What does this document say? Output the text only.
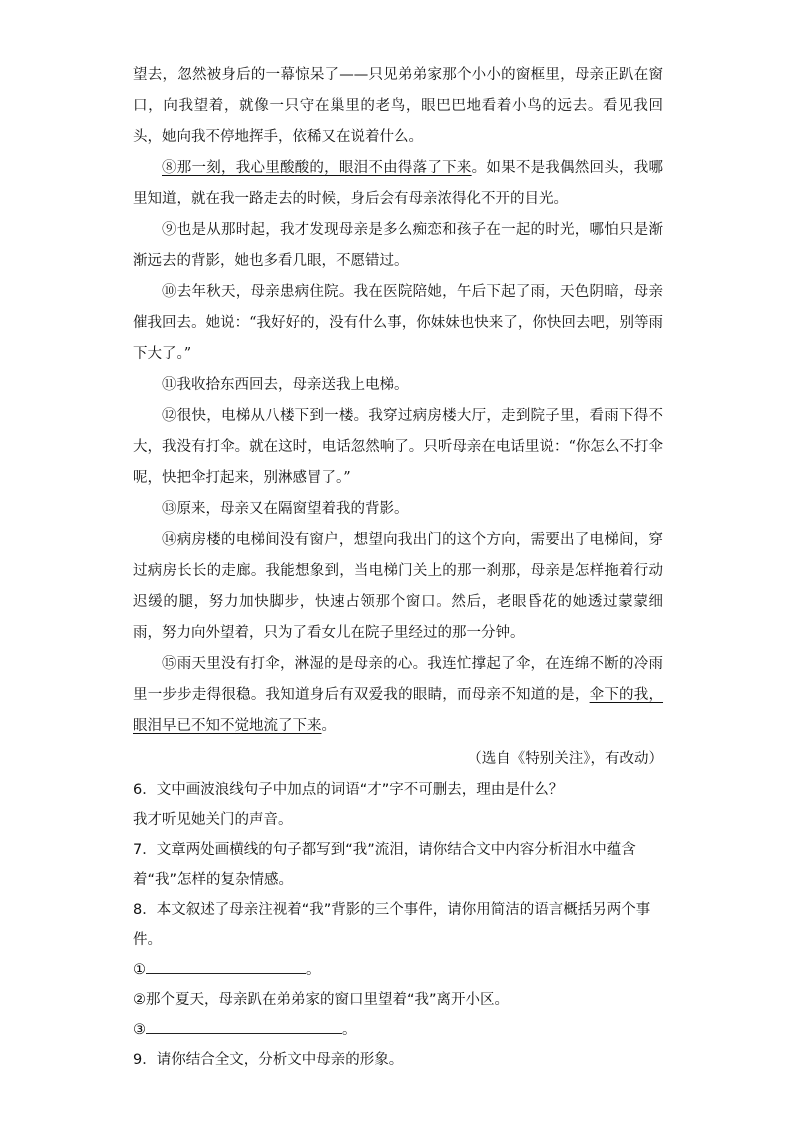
望去，忽然被身后的一幕惊呆了——只见弟弟家那个小小的窗框里，母亲正趴在窗口，向我望着，就像一只守在巢里的老鸟，眼巴巴地看着小鸟的远去。看见我回头，她向我不停地挥手，依稀又在说着什么。

⑧那一刻，我心里酸酸的，眼泪不由得落了下来。如果不是我偶然回头，我哪里知道，就在我一路走去的时候，身后会有母亲浓得化不开的目光。

⑨也是从那时起，我才发现母亲是多么痴恋和孩子在一起的时光，哪怕只是渐渐远去的背影，她也多看几眼，不愿错过。

⑩去年秋天，母亲患病住院。我在医院陪她，午后下起了雨，天色阴暗，母亲催我回去。她说：“我好好的，没有什么事，你妹妹也快来了，你快回去吧，别等雨下大了。”

⑪我收拾东西回去，母亲送我上电梯。

⑫很快，电梯从八楼下到一楼。我穿过病房楼大厅，走到院子里，看雨下得不大，我没有打伞。就在这时，电话忽然响了。只听母亲在电话里说：“你怎么不打伞呢，快把伞打起来，别淋感冒了。”

⑬原来，母亲又在隔窗望着我的背影。

⑭病房楼的电梯间没有窗户，想望向我出门的这个方向，需要出了电梯间，穿过病房长长的走廊。我能想象到，当电梯门关上的那一刹那，母亲是怎样拖着行动迟缓的腿，努力加快脚步，快速占领那个窗口。然后，老眼昏花的她透过蒙蒙细雨，努力向外望着，只为了看女儿在院子里经过的那一分钟。

⑮雨天里没有打伞，淋湿的是母亲的心。我连忙撑起了伞，在连绵不断的冷雨里一步步走得很稳。我知道身后有双爱我的眼睛，而母亲不知道的是，伞下的我，眼泪早已不知不觉地流了下来。

（选自《特别关注》，有改动）

6．文中画波浪线句子中加点的词语“才”字不可删去，理由是什么？

我才听见她关门的声音。

7．文章两处画横线的句子都写到“我”流泪，请你结合文中内容分析泪水中蕴含着“我”怎样的复杂情感。

8．本文叙述了母亲注视着“我”背影的三个事件，请你用简洁的语言概括另两个事件。

①	。

②那个夏天，母亲趴在弟弟家的窗口里望着“我”离开小区。

③	。

9．请你结合全文，分析文中母亲的形象。
